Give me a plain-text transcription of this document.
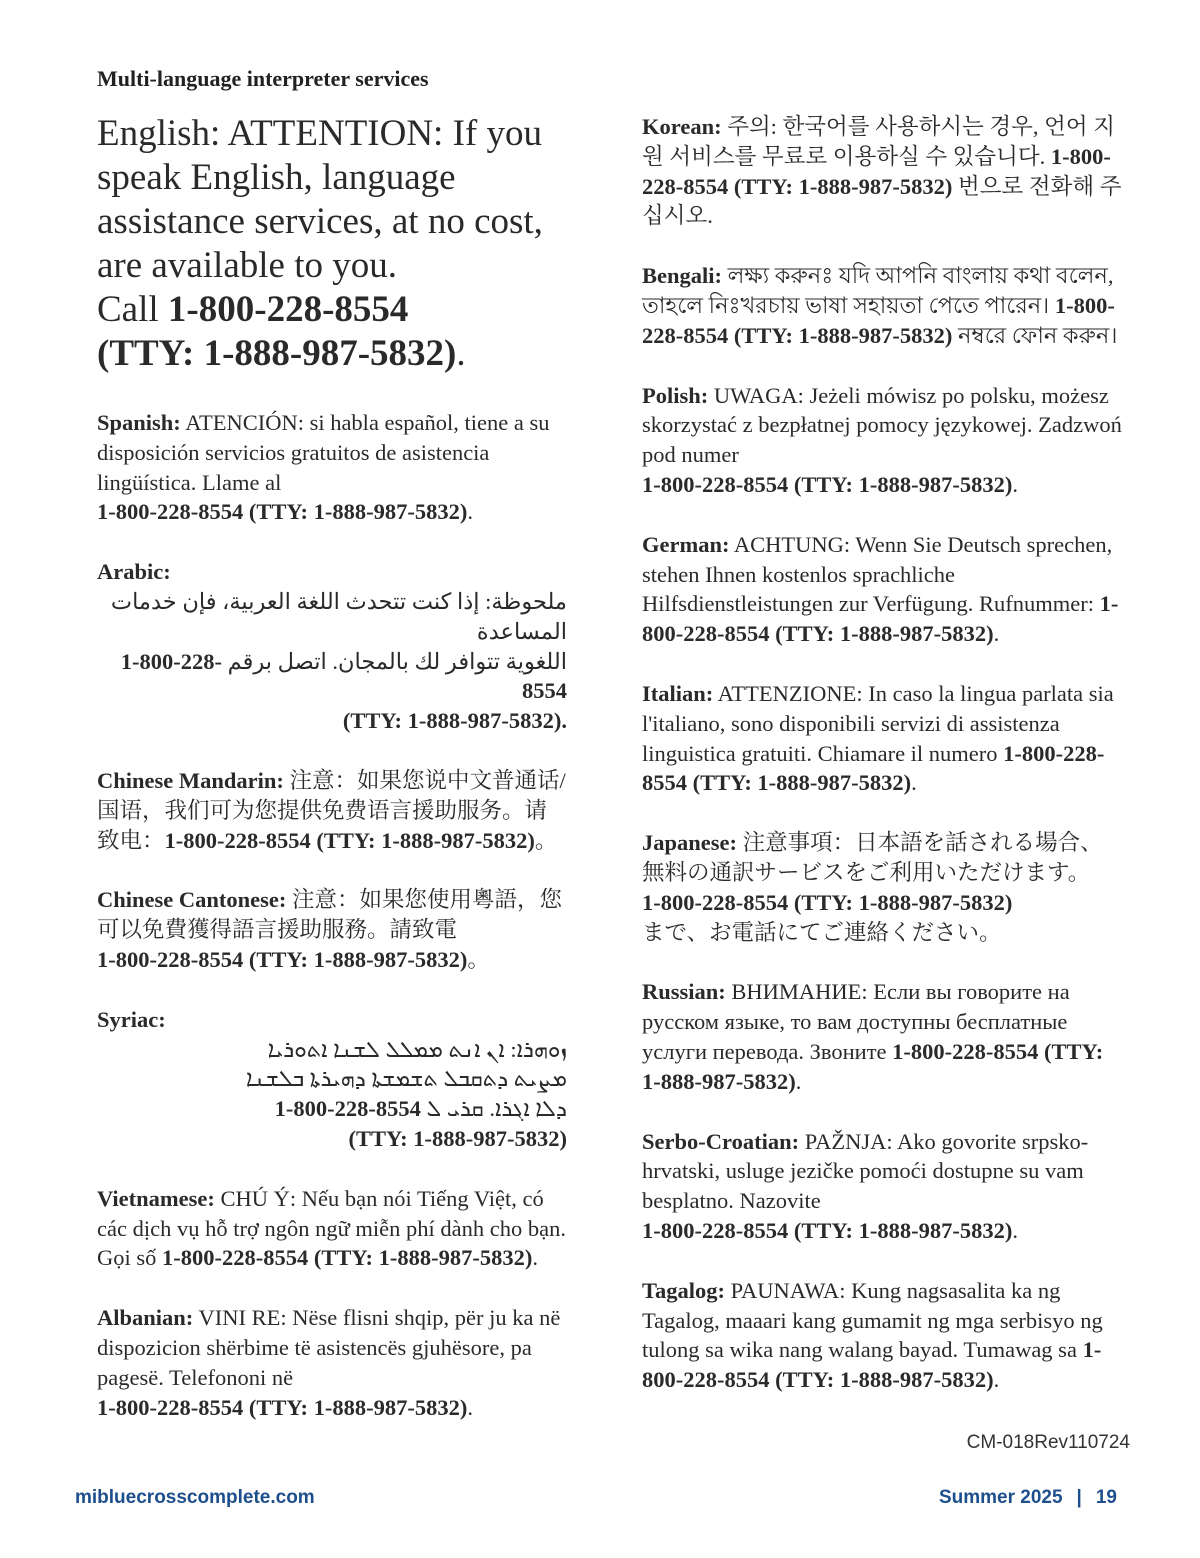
Multi-language interpreter services
English: ATTENTION: If you speak English, language assistance services, at no cost, are available to you.
Call 1-800-228-8554
(TTY: 1-888-987-5832).
Spanish: ATENCIÓN: si habla español, tiene a su disposición servicios gratuitos de asistencia lingüística. Llame al
1-800-228-8554 (TTY: 1-888-987-5832).
Arabic:
ملحوظة: إذا كنت تتحدث اللغة العربية، فإن خدمات المساعدة
اللغوية تتوافر لك بالمجان. اتصل برقم 1-800-228-8554
(TTY: 1-888-987-5832).
Chinese Mandarin: 注意：如果您说中文普通话/国语，我们可为您提供免费语言援助服务。请致电：1-800-228-8554 (TTY: 1-888-987-5832)。
Chinese Cantonese: 注意：如果您使用粵語，您可以免費獲得語言援助服務。請致電
1-800-228-8554 (TTY: 1-888-987-5832)。
Syriac:
ܙܘܗܪܐ: ܐܢ ܐܢܬ ܡܡܠܠ ܠܫܢܐ ܐܬܘܪܝܐ
ܡܨܝܬ ܕܬܩܒܠ ܬܫܡܫܬܐ ܕܗܝܪܬܐ ܒܠܫܢܐ
ܕܠܐ ܐܓܪܐ. ܩܪܝ ܠ 1-800-228-8554
(TTY: 1-888-987-5832)
Vietnamese: CHÚ Ý: Nếu bạn nói Tiếng Việt, có các dịch vụ hỗ trợ ngôn ngữ miễn phí dành cho bạn. Gọi số 1-800-228-8554 (TTY: 1-888-987-5832).
Albanian: VINI RE: Nëse flisni shqip, për ju ka në dispozicion shërbime të asistencës gjuhësore, pa pagesë. Telefononi në
1-800-228-8554 (TTY: 1-888-987-5832).
Korean: 주의: 한국어를 사용하시는 경우, 언어 지원 서비스를 무료로 이용하실 수 있습니다. 1-800-228-8554 (TTY: 1-888-987-5832) 번으로 전화해 주십시오.
Bengali: লক্ষ্য করুনঃ যদি আপনি বাংলায় কথা বলেন, তাহলে নিঃখরচায় ভাষা সহায়তা পেতে পারেন। 1-800-228-8554 (TTY: 1-888-987-5832) নম্বরে ফোন করুন।
Polish: UWAGA: Jeżeli mówisz po polsku, możesz skorzystać z bezpłatnej pomocy językowej. Zadzwoń pod numer
1-800-228-8554 (TTY: 1-888-987-5832).
German: ACHTUNG: Wenn Sie Deutsch sprechen, stehen Ihnen kostenlos sprachliche Hilfsdienstleistungen zur Verfügung. Rufnummer: 1-800-228-8554 (TTY: 1-888-987-5832).
Italian: ATTENZIONE: In caso la lingua parlata sia l'italiano, sono disponibili servizi di assistenza linguistica gratuiti. Chiamare il numero 1-800-228-8554 (TTY: 1-888-987-5832).
Japanese: 注意事項：日本語を話される場合、無料の通訳サービスをご利用いただけます。
1-800-228-8554 (TTY: 1-888-987-5832)
まで、お電話にてご連絡ください。
Russian: ВНИМАНИЕ: Если вы говорите на русском языке, то вам доступны бесплатные услуги перевода. Звоните 1-800-228-8554 (TTY: 1-888-987-5832).
Serbo-Croatian: PAŽNJA: Ako govorite srpsko-hrvatski, usluge jezičke pomoći dostupne su vam besplatno. Nazovite
1-800-228-8554 (TTY: 1-888-987-5832).
Tagalog: PAUNAWA: Kung nagsasalita ka ng Tagalog, maaari kang gumamit ng mga serbisyo ng tulong sa wika nang walang bayad. Tumawag sa 1-800-228-8554 (TTY: 1-888-987-5832).
CM-018Rev110724
mibluecrosscomplete.com	Summer 2025 | 19
